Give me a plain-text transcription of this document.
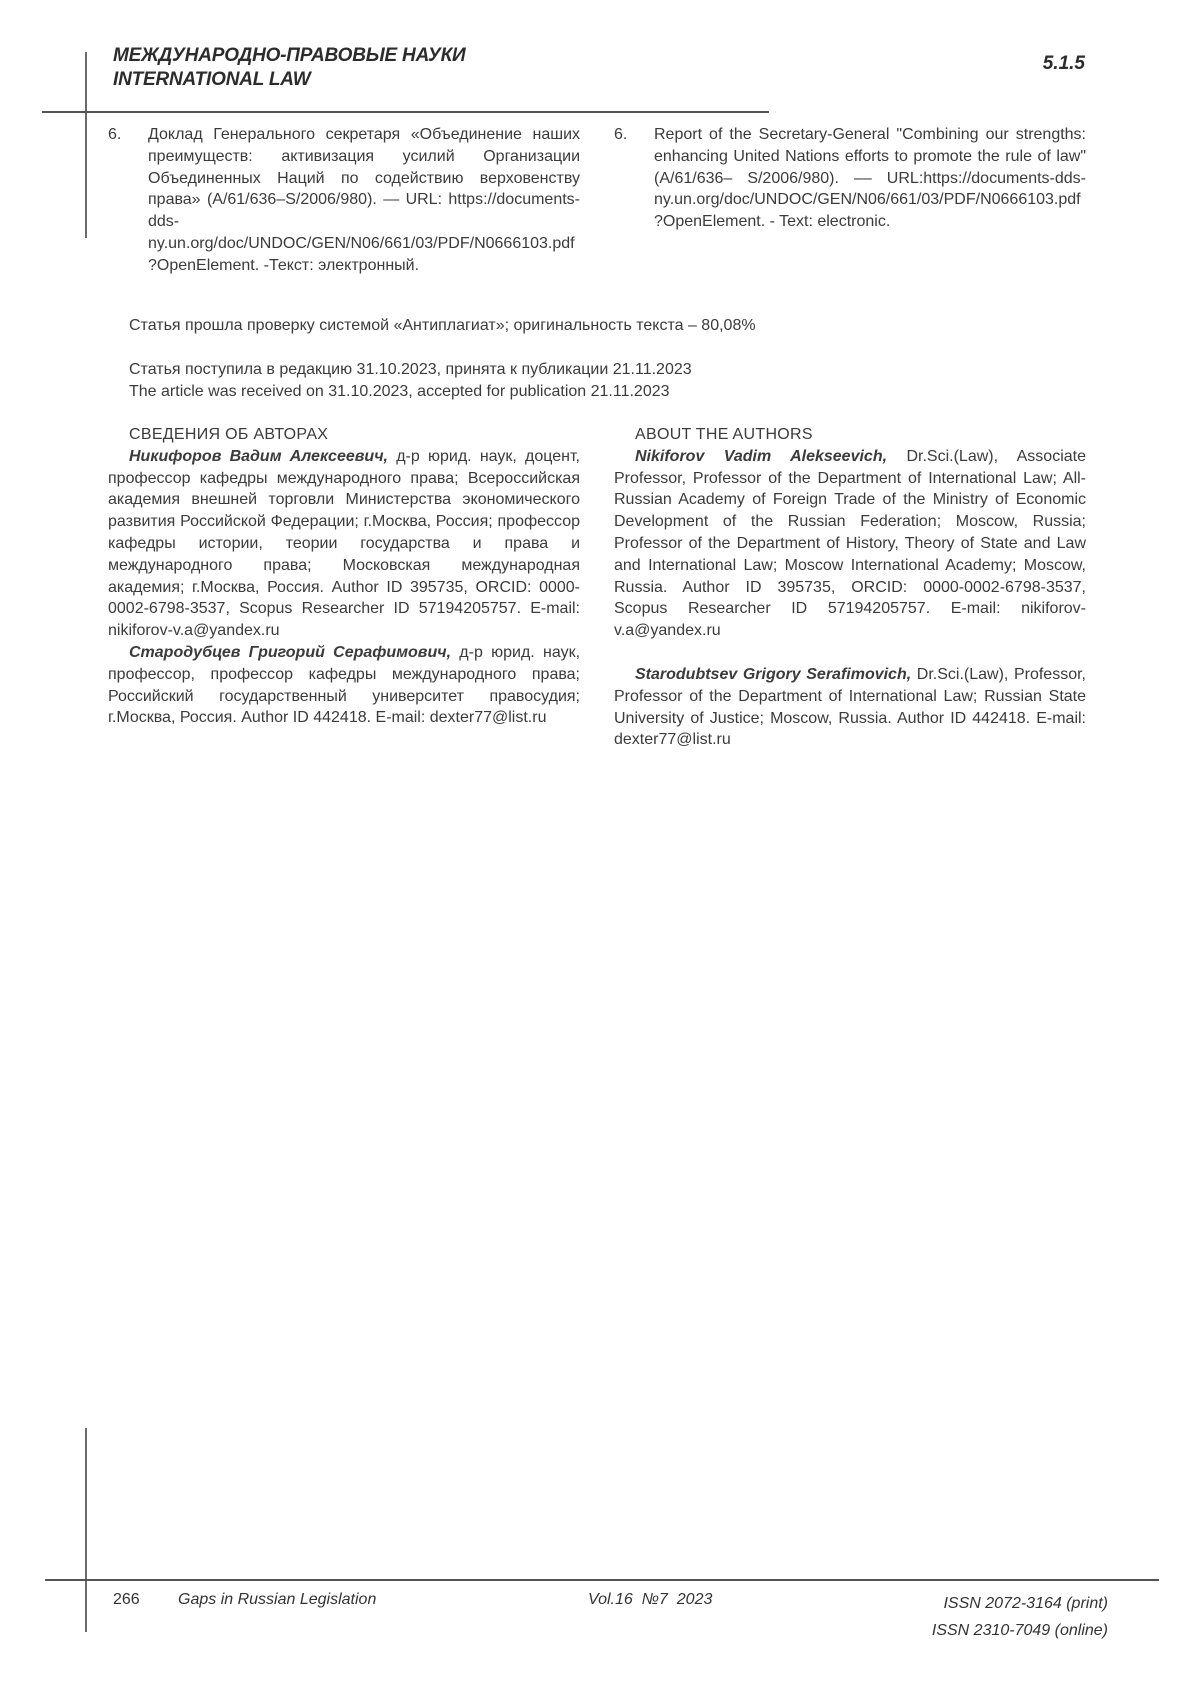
МЕЖДУНАРОДНО-ПРАВОВЫЕ НАУКИ
INTERNATIONAL LAW
5.1.5
6.	Доклад Генерального секретаря «Объединение наших преимуществ: активизация усилий Организации Объединенных Наций по содействию верховенству права» (А/61/636–S/2006/980). — URL: https://documents-dds-ny.un.org/doc/UNDOC/GEN/N06/661/03/PDF/N0666103.pdf?OpenElement. -Текст: электронный.

6.	Report of the Secretary-General "Combining our strengths: enhancing United Nations efforts to promote the rule of law" (A/61/636– S/2006/980). –– URL:https://documents-dds-ny.un.org/doc/UNDOC/GEN/N06/661/03/PDF/N0666103.pdf?OpenElement. - Text: electronic.

Статья прошла проверку системой «Антиплагиат»; оригинальность текста – 80,08%

Статья поступила в редакцию 31.10.2023, принята к публикации 21.11.2023

The article was received on 31.10.2023, accepted for publication 21.11.2023

СВЕДЕНИЯ ОБ АВТОРАХ

Никифоров Вадим Алексеевич, д-р юрид. наук, доцент, профессор кафедры международного права; Всероссийская академия внешней торговли Министерства экономического развития Российской Федерации; г.Москва, Россия; профессор кафедры истории, теории государства и права и международного права; Московская международная академия; г.Москва, Россия. Author ID 395735, ORCID: 0000-0002-6798-3537, Scopus Researcher ID 57194205757. E-mail: nikiforov-v.a@yandex.ru

Стародубцев Григорий Серафимович, д-р юрид. наук, профессор, профессор кафедры международного права; Российский государственный университет правосудия; г.Москва, Россия. Author ID 442418. E-mail: dexter77@list.ru

ABOUT THE AUTHORS

Nikiforov Vadim Alekseevich, Dr.Sci.(Law), Associate Professor, Professor of the Department of International Law; All-Russian Academy of Foreign Trade of the Ministry of Economic Development of the Russian Federation; Moscow, Russia; Professor of the Department of History, Theory of State and Law and International Law; Moscow International Academy; Moscow, Russia. Author ID 395735, ORCID: 0000-0002-6798-3537, Scopus Researcher ID 57194205757. E-mail: nikiforov-v.a@yandex.ru

Starodubtsev Grigory Serafimovich, Dr.Sci.(Law), Professor, Professor of the Department of International Law; Russian State University of Justice; Moscow, Russia. Author ID 442418. E-mail: dexter77@list.ru

266 Gaps in Russian Legislation	Vol.16  №7  2023	ISSN 2072-3164 (print)
ISSN 2310-7049 (online)
